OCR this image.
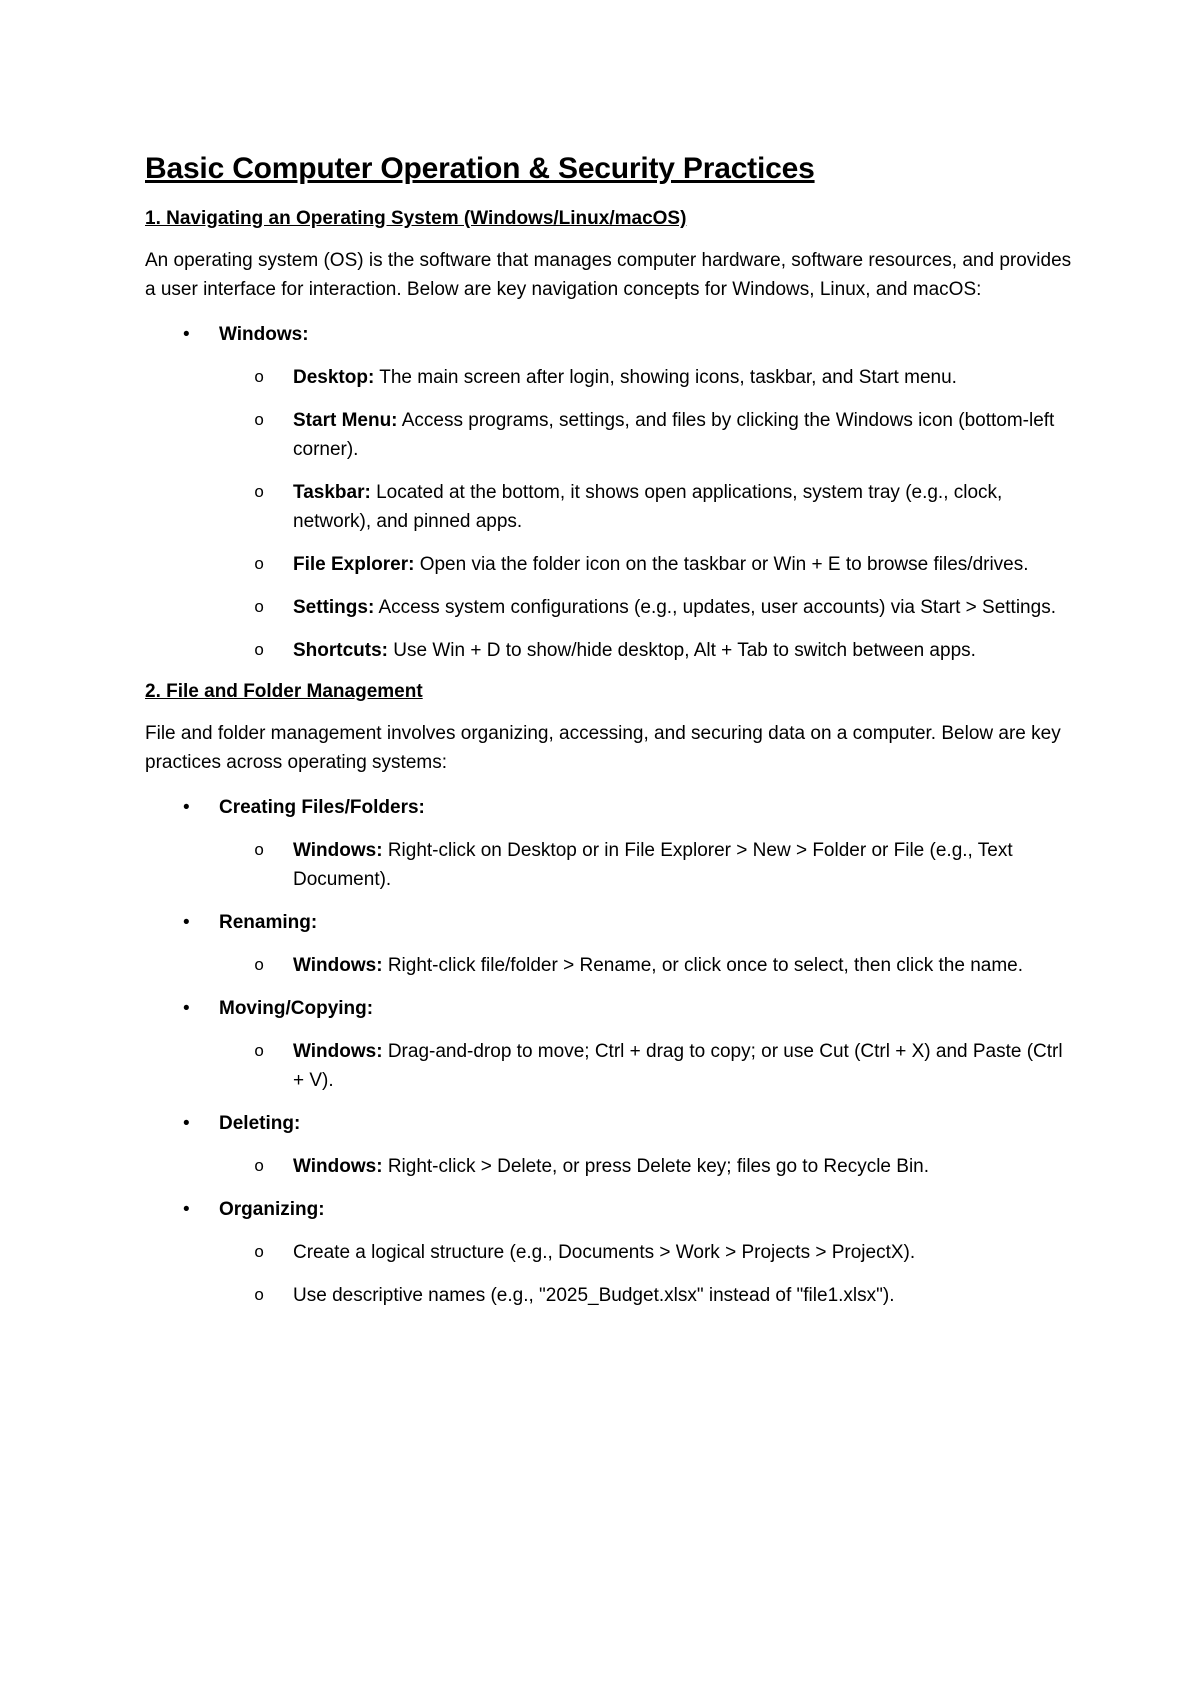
Basic Computer Operation & Security Practices
1. Navigating an Operating System (Windows/Linux/macOS)

An operating system (OS) is the software that manages computer hardware, software resources, and provides a user interface for interaction. Below are key navigation concepts for Windows, Linux, and macOS:

• Windows:
o Desktop: The main screen after login, showing icons, taskbar, and Start menu.
o Start Menu: Access programs, settings, and files by clicking the Windows icon (bottom-left corner).
o Taskbar: Located at the bottom, it shows open applications, system tray (e.g., clock, network), and pinned apps.
o File Explorer: Open via the folder icon on the taskbar or Win + E to browse files/drives.
o Settings: Access system configurations (e.g., updates, user accounts) via Start > Settings.
o Shortcuts: Use Win + D to show/hide desktop, Alt + Tab to switch between apps.
2. File and Folder Management

File and folder management involves organizing, accessing, and securing data on a computer. Below are key practices across operating systems:

• Creating Files/Folders:
o Windows: Right-click on Desktop or in File Explorer > New > Folder or File (e.g., Text Document).
• Renaming:
o Windows: Right-click file/folder > Rename, or click once to select, then click the name.
• Moving/Copying:
o Windows: Drag-and-drop to move; Ctrl + drag to copy; or use Cut (Ctrl + X) and Paste (Ctrl + V).
• Deleting:
o Windows: Right-click > Delete, or press Delete key; files go to Recycle Bin.
• Organizing:
o Create a logical structure (e.g., Documents > Work > Projects > ProjectX).
o Use descriptive names (e.g., "2025_Budget.xlsx" instead of "file1.xlsx").
